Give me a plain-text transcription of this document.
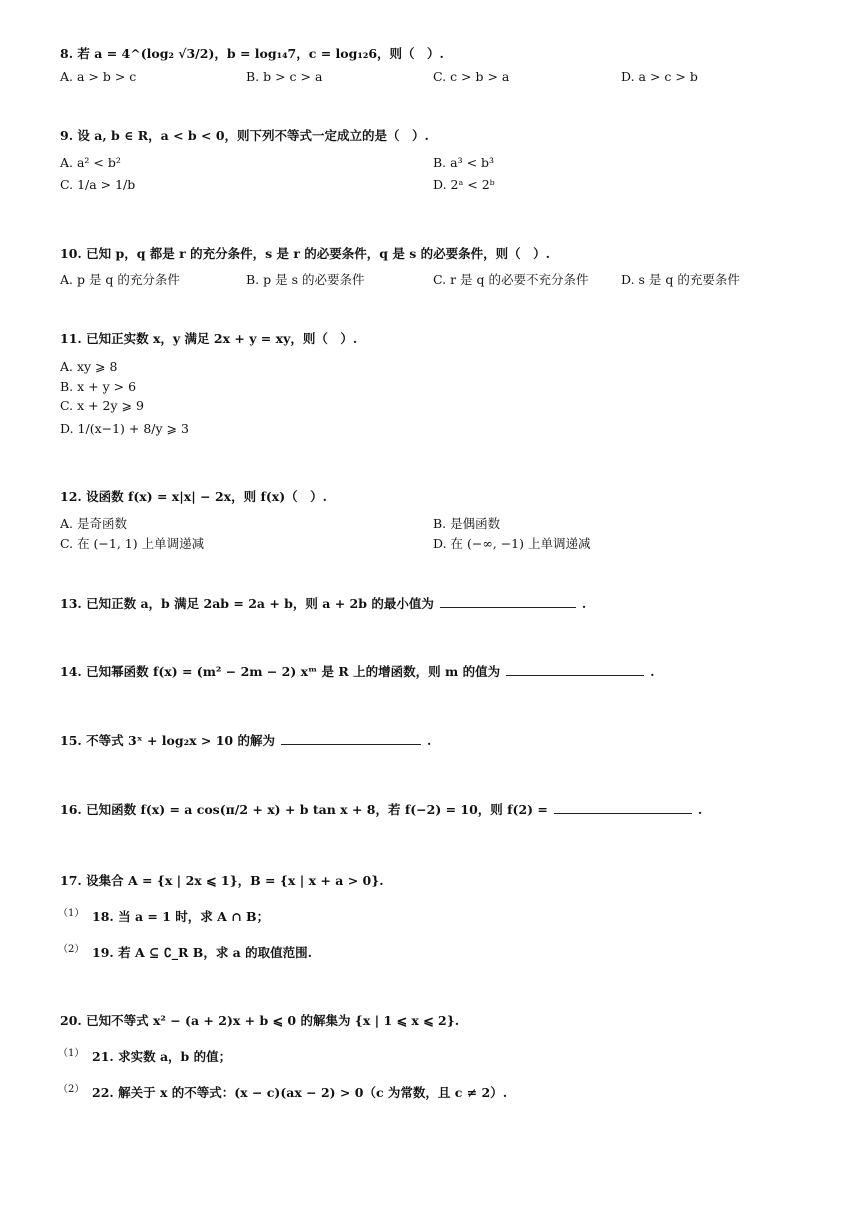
8. 若 a = 4^(log₂ √3/2)，b = log₁₄7，c = log₁₂6，则（　）.
A. a > b > c	B. b > c > a	C. c > b > a	D. a > c > b
9. 设 a, b ∈ R，a < b < 0，则下列不等式一定成立的是（　）.
A. a² < b²	B. a³ < b³
C. 1/a > 1/b	D. 2ᵃ < 2ᵇ
10. 已知 p，q 都是 r 的充分条件，s 是 r 的必要条件，q 是 s 的必要条件，则（　）.
A. p 是 q 的充分条件	B. p 是 s 的必要条件	C. r 是 q 的必要不充分条件	D. s 是 q 的充要条件
11. 已知正实数 x，y 满足 2x + y = xy，则（　）.
A. xy ⩾ 8
B. x + y > 6
C. x + 2y ⩾ 9
D. 1/(x−1) + 8/y ⩾ 3
12. 设函数 f(x) = x|x| − 2x，则 f(x)（　）.
A. 是奇函数	B. 是偶函数
C. 在 (−1, 1) 上单调递减	D. 在 (−∞, −1) 上单调递减
13. 已知正数 a，b 满足 2ab = 2a + b，则 a + 2b 的最小值为	.
14. 已知幂函数 f(x) = (m² − 2m − 2) xᵐ 是 R 上的增函数，则 m 的值为	.
15. 不等式 3ˣ + log₂x > 10 的解为	.
16. 已知函数 f(x) = a cos(π/2 + x) + b tan x + 8，若 f(−2) = 10，则 f(2) =	.
17. 设集合 A = {x | 2x ⩽ 1}，B = {x | x + a > 0}.
（1） 18. 当 a = 1 时，求 A ∩ B；
（2） 19. 若 A ⊆ ∁_R B，求 a 的取值范围.
20. 已知不等式 x² − (a + 2)x + b ⩽ 0 的解集为 {x | 1 ⩽ x ⩽ 2}.
（1） 21. 求实数 a，b 的值；
（2） 22. 解关于 x 的不等式：(x − c)(ax − 2) > 0（c 为常数，且 c ≠ 2）.
